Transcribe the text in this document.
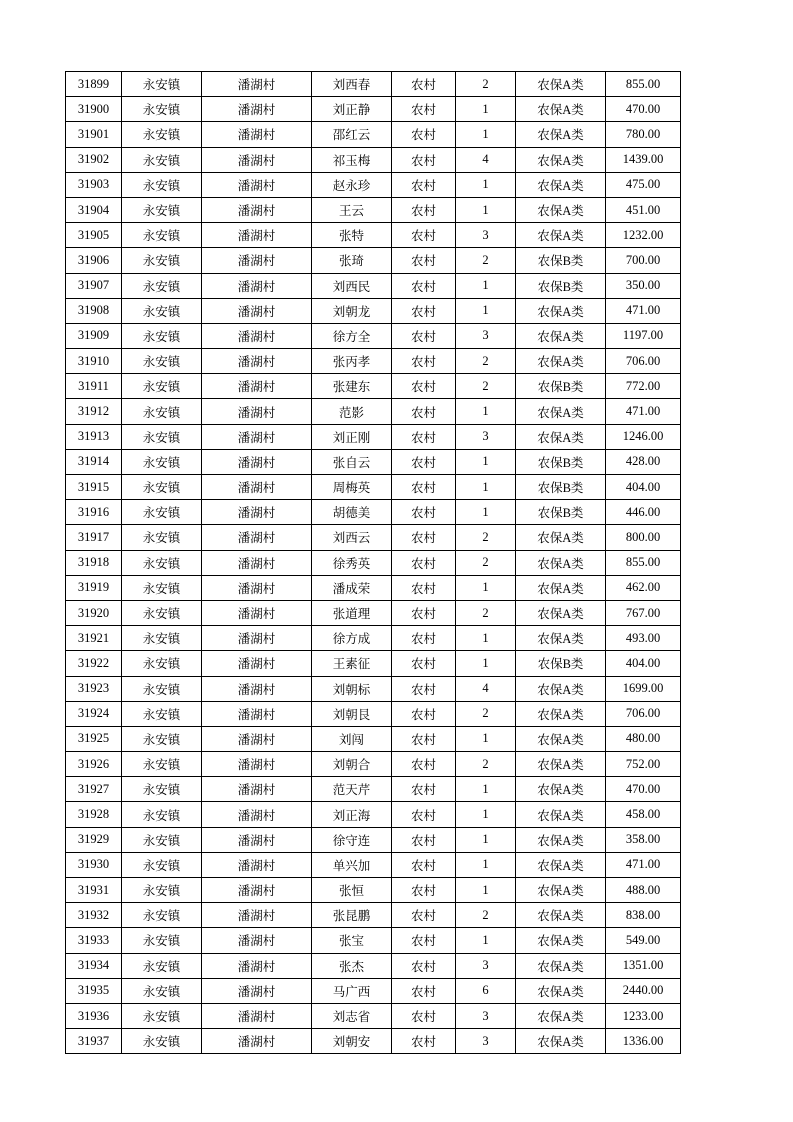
31899	永安镇	潘湖村	刘西春	农村	2	农保A类	855.00
31900	永安镇	潘湖村	刘正静	农村	1	农保A类	470.00
31901	永安镇	潘湖村	邵红云	农村	1	农保A类	780.00
31902	永安镇	潘湖村	祁玉梅	农村	4	农保A类	1439.00
31903	永安镇	潘湖村	赵永珍	农村	1	农保A类	475.00
31904	永安镇	潘湖村	王云	农村	1	农保A类	451.00
31905	永安镇	潘湖村	张特	农村	3	农保A类	1232.00
31906	永安镇	潘湖村	张琦	农村	2	农保B类	700.00
31907	永安镇	潘湖村	刘西民	农村	1	农保B类	350.00
31908	永安镇	潘湖村	刘朝龙	农村	1	农保A类	471.00
31909	永安镇	潘湖村	徐方全	农村	3	农保A类	1197.00
31910	永安镇	潘湖村	张丙孝	农村	2	农保A类	706.00
31911	永安镇	潘湖村	张建东	农村	2	农保B类	772.00
31912	永安镇	潘湖村	范影	农村	1	农保A类	471.00
31913	永安镇	潘湖村	刘正刚	农村	3	农保A类	1246.00
31914	永安镇	潘湖村	张自云	农村	1	农保B类	428.00
31915	永安镇	潘湖村	周梅英	农村	1	农保B类	404.00
31916	永安镇	潘湖村	胡德美	农村	1	农保B类	446.00
31917	永安镇	潘湖村	刘西云	农村	2	农保A类	800.00
31918	永安镇	潘湖村	徐秀英	农村	2	农保A类	855.00
31919	永安镇	潘湖村	潘成荣	农村	1	农保A类	462.00
31920	永安镇	潘湖村	张道理	农村	2	农保A类	767.00
31921	永安镇	潘湖村	徐方成	农村	1	农保A类	493.00
31922	永安镇	潘湖村	王素征	农村	1	农保B类	404.00
31923	永安镇	潘湖村	刘朝标	农村	4	农保A类	1699.00
31924	永安镇	潘湖村	刘朝艮	农村	2	农保A类	706.00
31925	永安镇	潘湖村	刘闯	农村	1	农保A类	480.00
31926	永安镇	潘湖村	刘朝合	农村	2	农保A类	752.00
31927	永安镇	潘湖村	范天芹	农村	1	农保A类	470.00
31928	永安镇	潘湖村	刘正海	农村	1	农保A类	458.00
31929	永安镇	潘湖村	徐守连	农村	1	农保A类	358.00
31930	永安镇	潘湖村	单兴加	农村	1	农保A类	471.00
31931	永安镇	潘湖村	张恒	农村	1	农保A类	488.00
31932	永安镇	潘湖村	张昆鹏	农村	2	农保A类	838.00
31933	永安镇	潘湖村	张宝	农村	1	农保A类	549.00
31934	永安镇	潘湖村	张杰	农村	3	农保A类	1351.00
31935	永安镇	潘湖村	马广西	农村	6	农保A类	2440.00
31936	永安镇	潘湖村	刘志省	农村	3	农保A类	1233.00
31937	永安镇	潘湖村	刘朝安	农村	3	农保A类	1336.00
